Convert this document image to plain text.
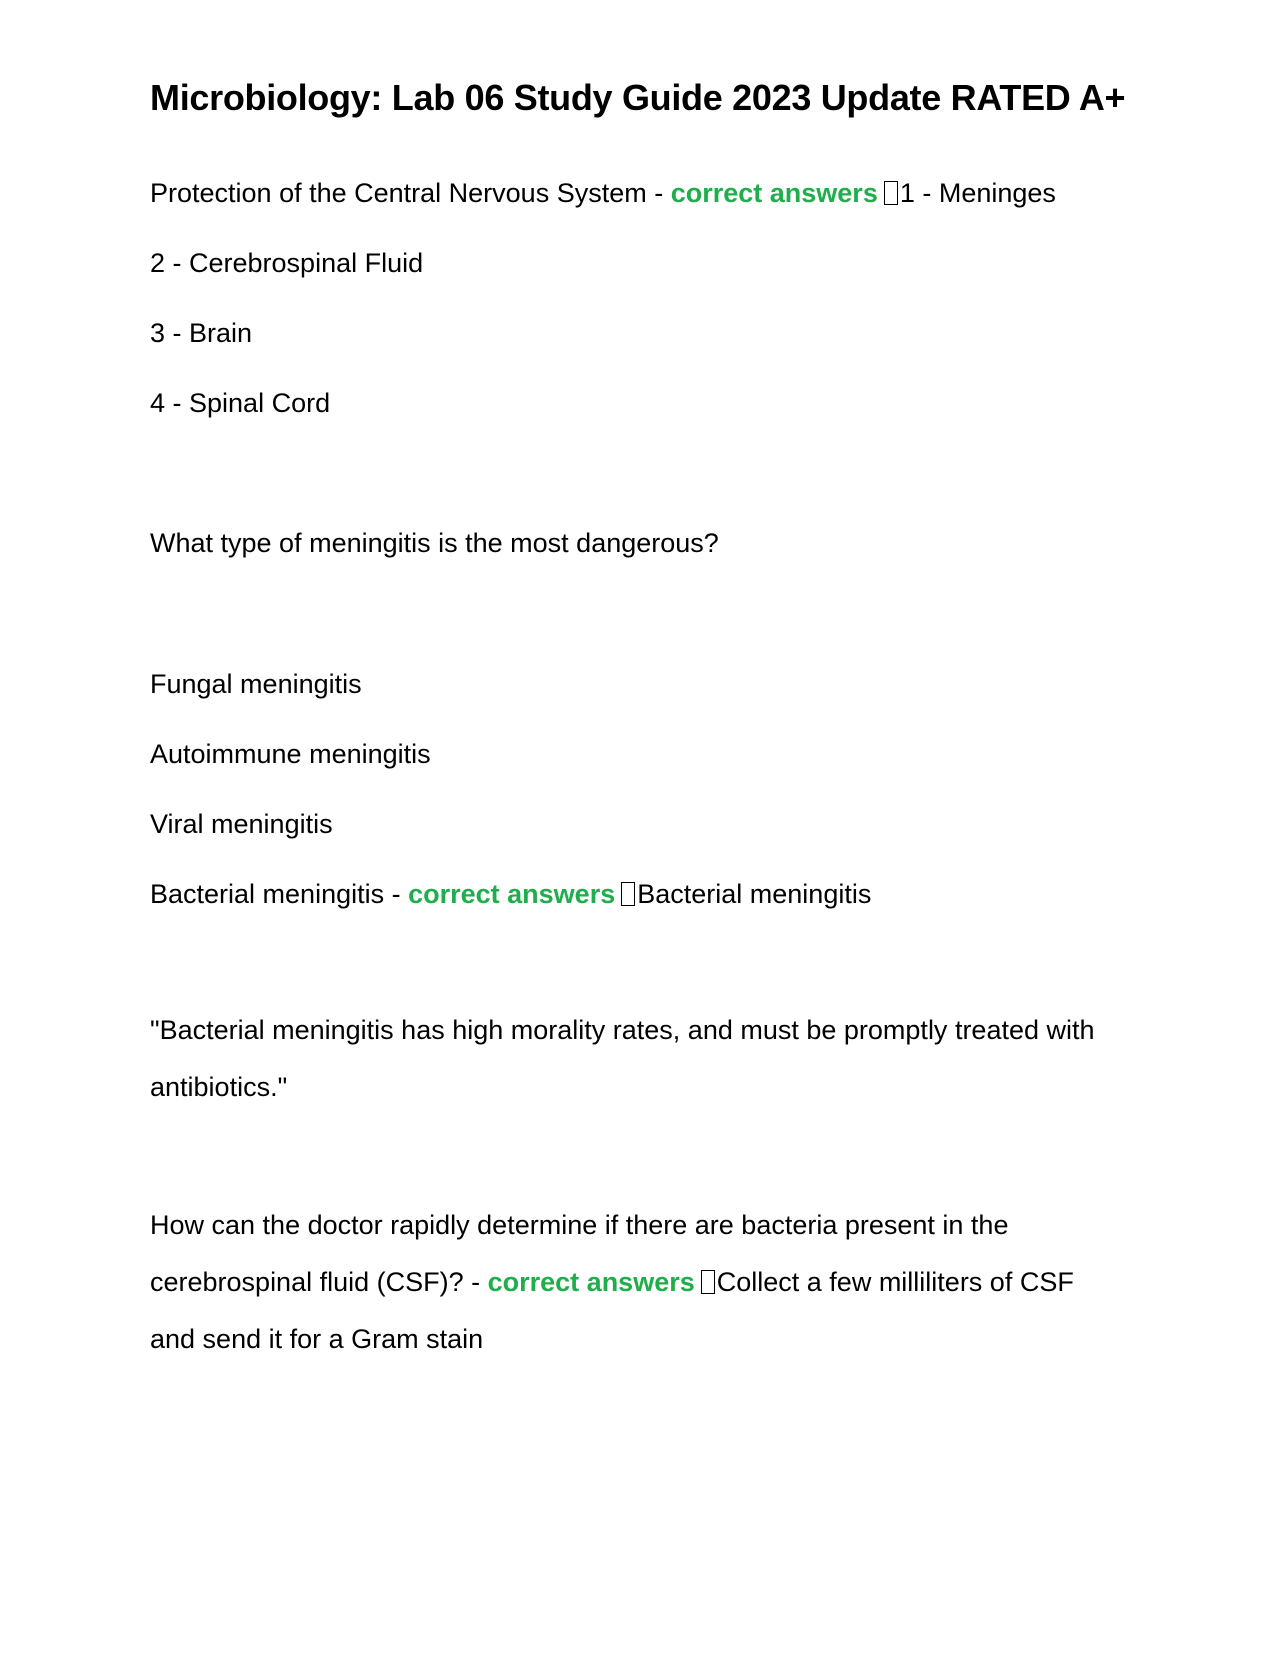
Microbiology: Lab 06 Study Guide 2023 Update RATED A+

Protection of the Central Nervous System - correct answers 1 - Meninges

2 - Cerebrospinal Fluid

3 - Brain

4 - Spinal Cord

What type of meningitis is the most dangerous?

Fungal meningitis

Autoimmune meningitis

Viral meningitis

Bacterial meningitis - correct answers Bacterial meningitis

"Bacterial meningitis has high morality rates, and must be promptly treated with antibiotics."

How can the doctor rapidly determine if there are bacteria present in the cerebrospinal fluid (CSF)? - correct answers Collect a few milliliters of CSF and send it for a Gram stain
